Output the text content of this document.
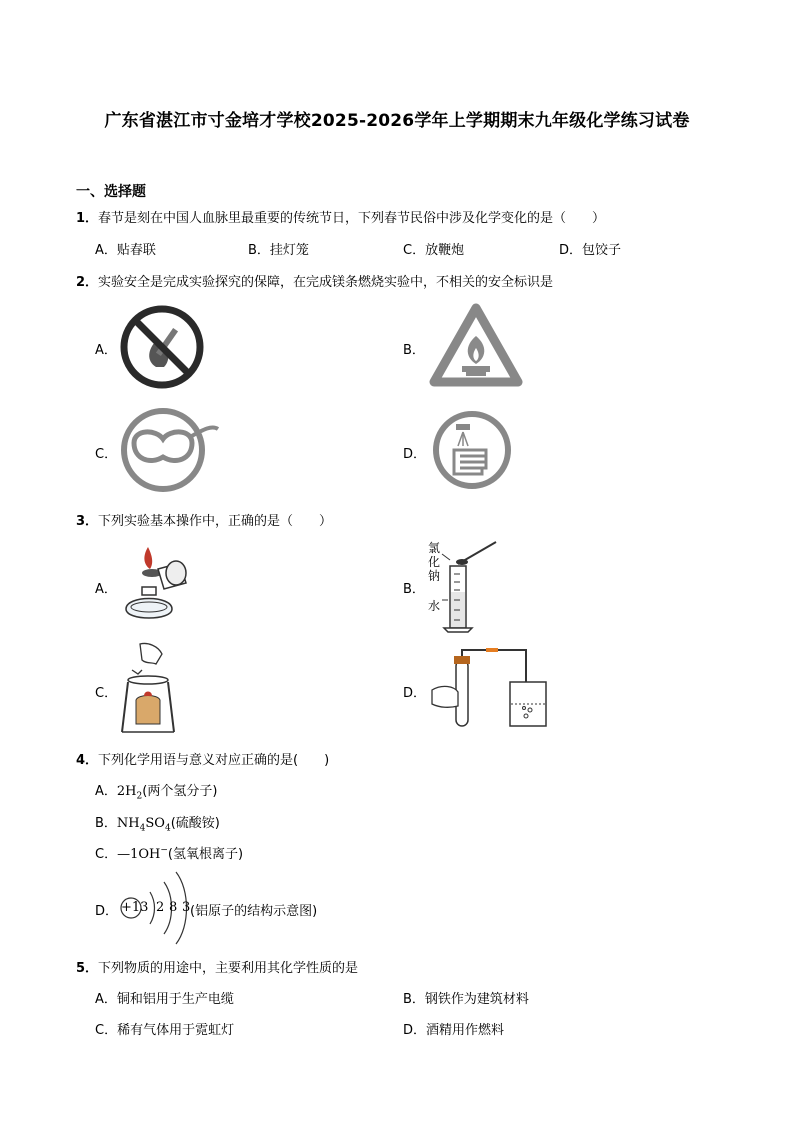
广东省湛江市寸金培才学校2025-2026学年上学期期末九年级化学练习试卷
一、选择题
1．春节是刻在中国人血脉里最重要的传统节日，下列春节民俗中涉及化学变化的是（　　）
A．贴春联	B．挂灯笼	C．放鞭炮	D．包饺子
2．实验安全是完成实验探究的保障，在完成镁条燃烧实验中，不相关的安全标识是
A．	B．
C．	D．
3．下列实验基本操作中，正确的是（　　）
A．	B．
C．	D．
氯
化
钠
水
4．下列化学用语与意义对应正确的是(　　)
A．$2H_2$(两个氢分子)
B．$NH_4SO_4$(硫酸铵)
C．—1OH−(氢氧根离子)
D． +13 2 8 3 (铝原子的结构示意图)
5．下列物质的用途中，主要利用其化学性质的是
A．铜和铝用于生产电缆	B．钢铁作为建筑材料
C．稀有气体用于霓虹灯	D．酒精用作燃料
